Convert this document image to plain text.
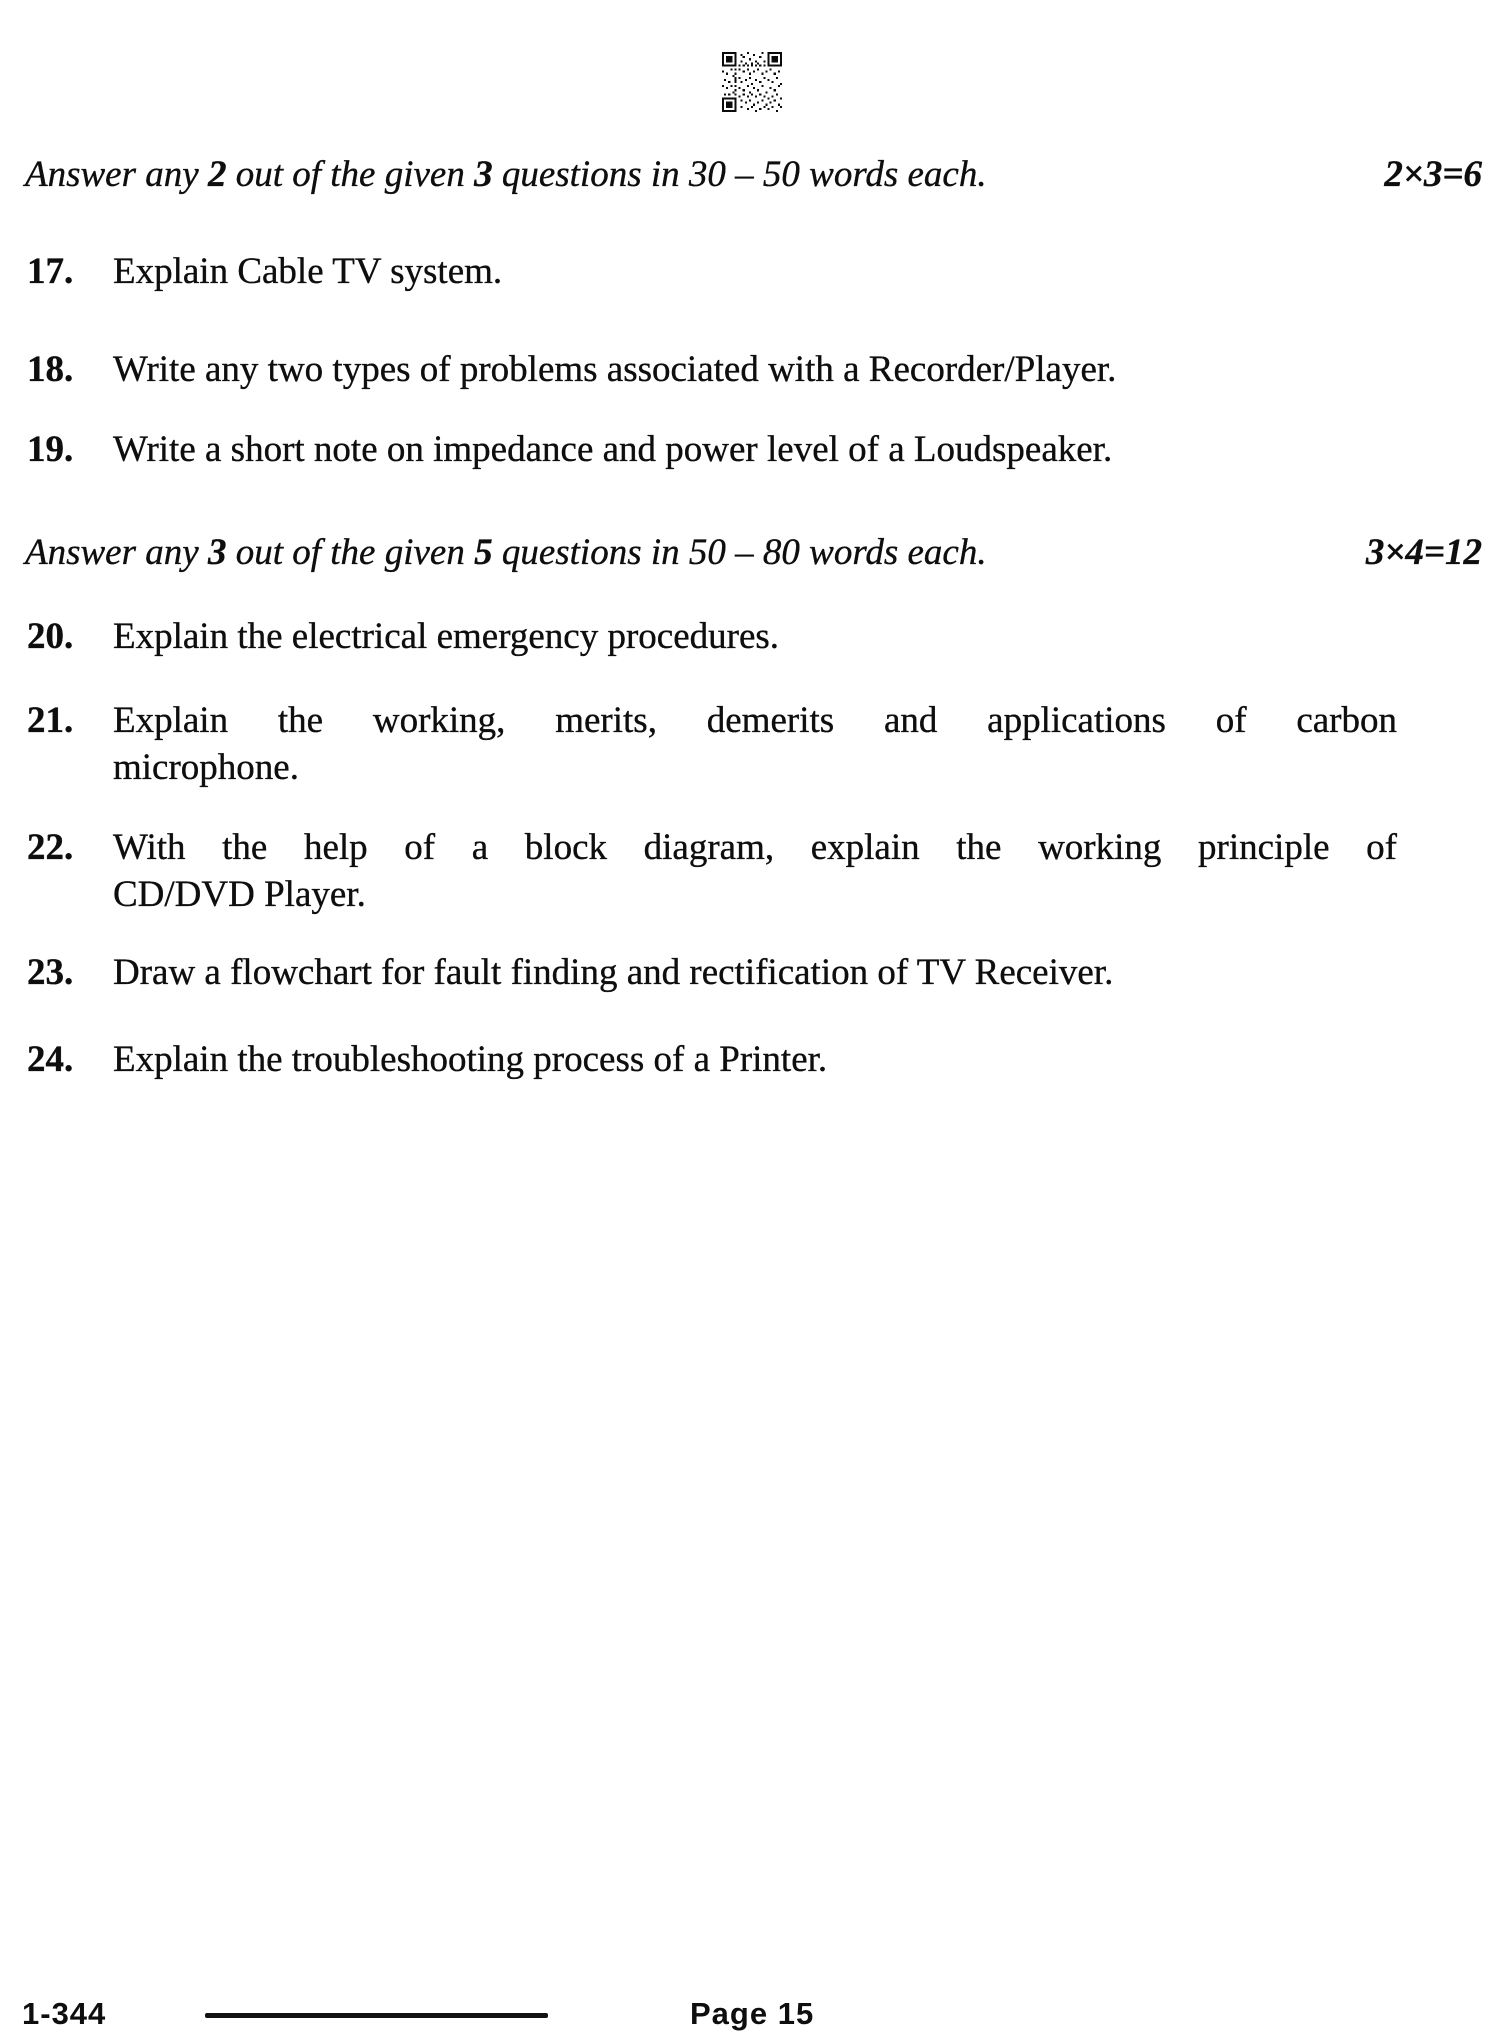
Answer any 2 out of the given 3 questions in 30 – 50 words each.	2×3=6

17. Explain Cable TV system.

18. Write any two types of problems associated with a Recorder/Player.

19. Write a short note on impedance and power level of a Loudspeaker.

Answer any 3 out of the given 5 questions in 50 – 80 words each.	3×4=12

20. Explain the electrical emergency procedures.

21. Explain the working, merits, demerits and applications of carbon

microphone.

22. With the help of a block diagram, explain the working principle of

CD/DVD Player.

23. Draw a flowchart for fault finding and rectification of TV Receiver.

24. Explain the troubleshooting process of a Printer.

1-344	Page 15
